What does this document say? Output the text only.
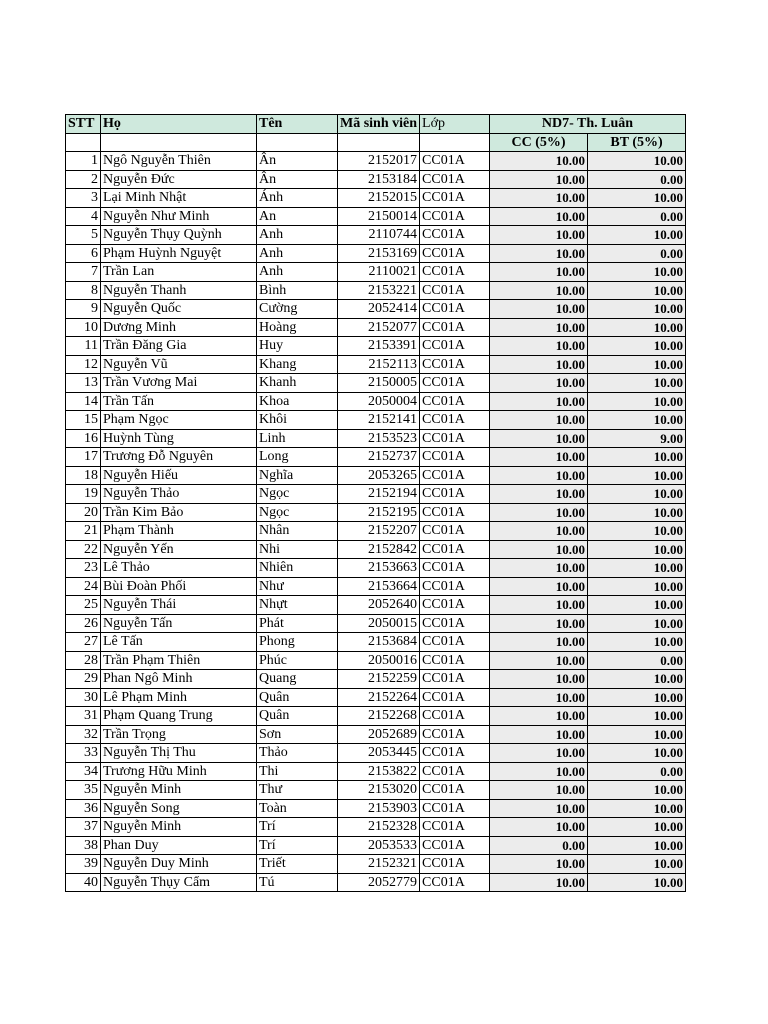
STT	Họ	Tên	Mã sinh viên	Lớp	ND7- Th. Luân	
					CC (5%)	BT (5%)
1	Ngô Nguyễn Thiên	Ân	2152017	CC01A	10.00	10.00
2	Nguyễn Đức	Ân	2153184	CC01A	10.00	0.00
3	Lại Minh Nhật	Ánh	2152015	CC01A	10.00	10.00
4	Nguyễn Như Minh	An	2150014	CC01A	10.00	0.00
5	Nguyễn Thụy Quỳnh	Anh	2110744	CC01A	10.00	10.00
6	Phạm Huỳnh Nguyệt	Anh	2153169	CC01A	10.00	0.00
7	Trần Lan	Anh	2110021	CC01A	10.00	10.00
8	Nguyễn Thanh	Bình	2153221	CC01A	10.00	10.00
9	Nguyễn Quốc	Cường	2052414	CC01A	10.00	10.00
10	Dương Minh	Hoàng	2152077	CC01A	10.00	10.00
11	Trần Đăng Gia	Huy	2153391	CC01A	10.00	10.00
12	Nguyễn Vũ	Khang	2152113	CC01A	10.00	10.00
13	Trần Vương Mai	Khanh	2150005	CC01A	10.00	10.00
14	Trần Tấn	Khoa	2050004	CC01A	10.00	10.00
15	Phạm Ngọc	Khôi	2152141	CC01A	10.00	10.00
16	Huỳnh Tùng	Linh	2153523	CC01A	10.00	9.00
17	Trương Đỗ Nguyên	Long	2152737	CC01A	10.00	10.00
18	Nguyễn Hiếu	Nghĩa	2053265	CC01A	10.00	10.00
19	Nguyễn Thảo	Ngọc	2152194	CC01A	10.00	10.00
20	Trần Kim Bảo	Ngọc	2152195	CC01A	10.00	10.00
21	Phạm Thành	Nhân	2152207	CC01A	10.00	10.00
22	Nguyễn Yến	Nhi	2152842	CC01A	10.00	10.00
23	Lê Thảo	Nhiên	2153663	CC01A	10.00	10.00
24	Bùi Đoàn Phối	Như	2153664	CC01A	10.00	10.00
25	Nguyễn Thái	Nhựt	2052640	CC01A	10.00	10.00
26	Nguyễn Tấn	Phát	2050015	CC01A	10.00	10.00
27	Lê Tấn	Phong	2153684	CC01A	10.00	10.00
28	Trần Phạm Thiên	Phúc	2050016	CC01A	10.00	0.00
29	Phan Ngô Minh	Quang	2152259	CC01A	10.00	10.00
30	Lê Phạm Minh	Quân	2152264	CC01A	10.00	10.00
31	Phạm Quang Trung	Quân	2152268	CC01A	10.00	10.00
32	Trần Trọng	Sơn	2052689	CC01A	10.00	10.00
33	Nguyễn Thị Thu	Thảo	2053445	CC01A	10.00	10.00
34	Trương Hữu Minh	Thi	2153822	CC01A	10.00	0.00
35	Nguyễn Minh	Thư	2153020	CC01A	10.00	10.00
36	Nguyễn Song	Toàn	2153903	CC01A	10.00	10.00
37	Nguyễn Minh	Trí	2152328	CC01A	10.00	10.00
38	Phan Duy	Trí	2053533	CC01A	0.00	10.00
39	Nguyễn Duy Minh	Triết	2152321	CC01A	10.00	10.00
40	Nguyễn Thụy Cẩm	Tú	2052779	CC01A	10.00	10.00
